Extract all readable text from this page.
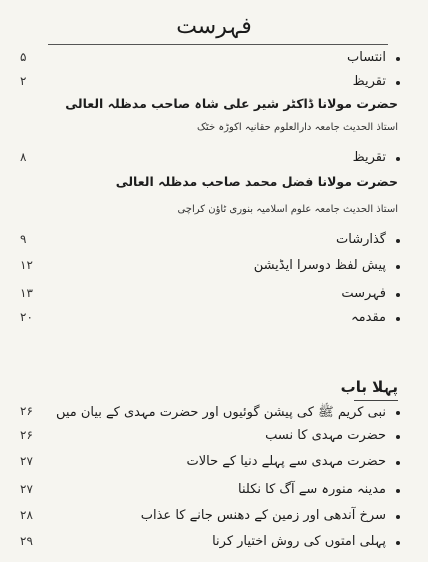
فہرست
انتساب
۵
تقریظ
۲
حضرت مولانا ڈاکٹر شیر علی شاہ صاحب مدظلہ العالی
استاذ الحدیث جامعہ دارالعلوم حقانیہ اکوڑہ خٹک
تقریظ
۸
حضرت مولانا فضل محمد صاحب مدظلہ العالی
استاذ الحدیث جامعہ علوم اسلامیہ بنوری ٹاؤن کراچی
گذارشات
۹
پیش لفظ دوسرا ایڈیشن
۱۲
فہرست
۱۳
مقدمہ
۲۰
پہلا باب
نبی کریم ﷺ کی پیشن گوئیوں اور حضرت مہدی کے بیان میں
۲۶
حضرت مہدی کا نسب
۲۶
حضرت مہدی سے پہلے دنیا کے حالات
۲۷
مدینہ منورہ سے آگ کا نکلنا
۲۷
سرخ آندھی اور زمین کے دھنس جانے کا عذاب
۲۸
پہلی امتوں کی روش اختیار کرنا
۲۹
